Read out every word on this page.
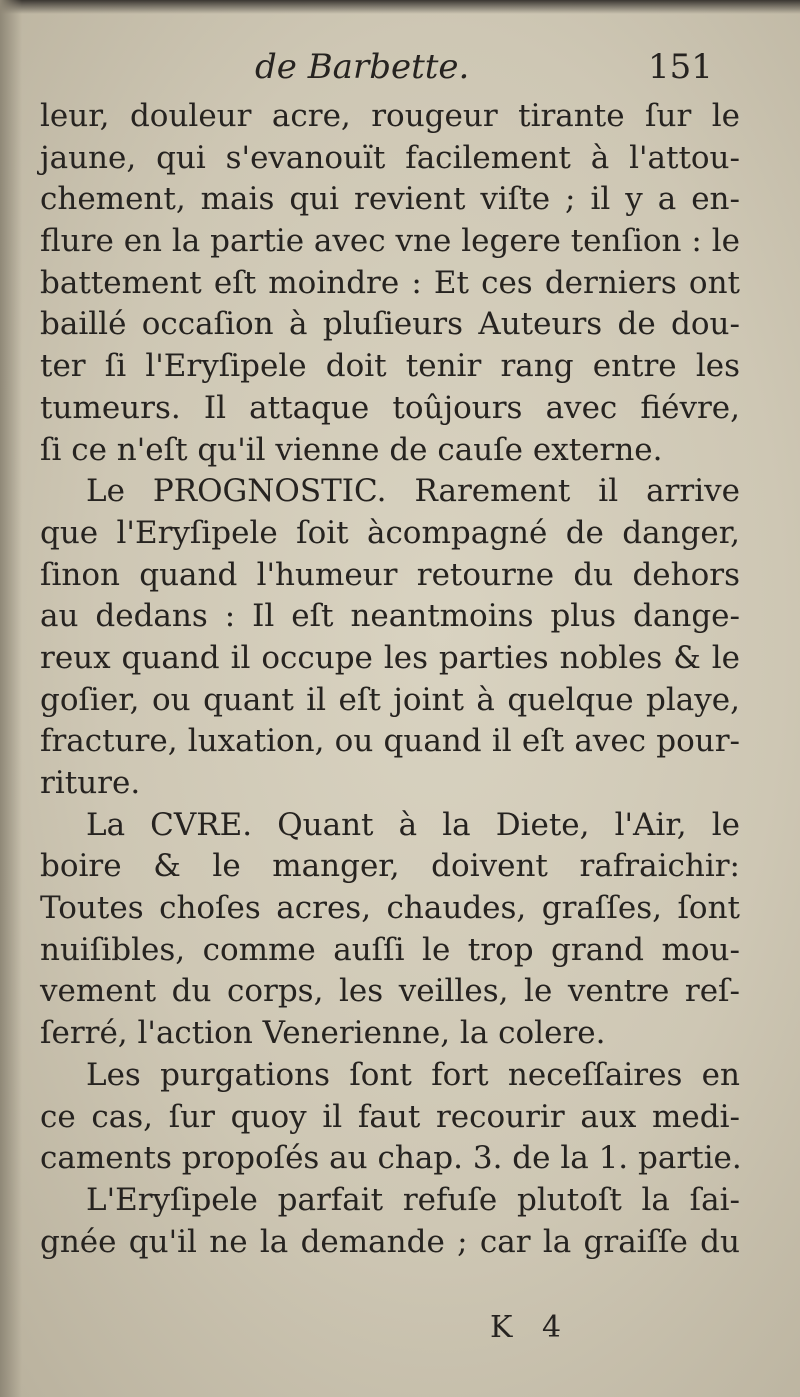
de Barbette.	151
leur, douleur acre, rougeur tirante ſur le
jaune, qui s'evanouït facilement à l'attou-
chement, mais qui revient viſte ; il y a en-
flure en la partie avec vne legere tenſion : le
battement eſt moindre : Et ces derniers ont
baillé occaſion à pluſieurs Auteurs de dou-
ter ſi l'Eryſipele doit tenir rang entre les
tumeurs. Il attaque toûjours avec fiévre,
ſi ce n'eſt qu'il vienne de cauſe externe.
Le PROGNOSTIC. Rarement il arrive
que l'Eryſipele ſoit àcompagné de danger,
ſinon quand l'humeur retourne du dehors
au dedans : Il eſt neantmoins plus dange-
reux quand il occupe les parties nobles & le
goſier, ou quant il eſt joint à quelque playe,
fracture, luxation, ou quand il eſt avec pour-
riture.
La CVRE. Quant à la Diete, l'Air, le
boire & le manger, doivent rafraichir:
Toutes choſes acres, chaudes, graſſes, ſont
nuiſibles, comme auſſi le trop grand mou-
vement du corps, les veilles, le ventre reſ-
ſerré, l'action Venerienne, la colere.
Les purgations ſont fort neceſſaires en
ce cas, ſur quoy il faut recourir aux medi-
caments propoſés au chap. 3. de la 1. partie.
L'Eryſipele parfait refuſe plutoſt la ſai-
gnée qu'il ne la demande ; car la graiſſe du
K 4
